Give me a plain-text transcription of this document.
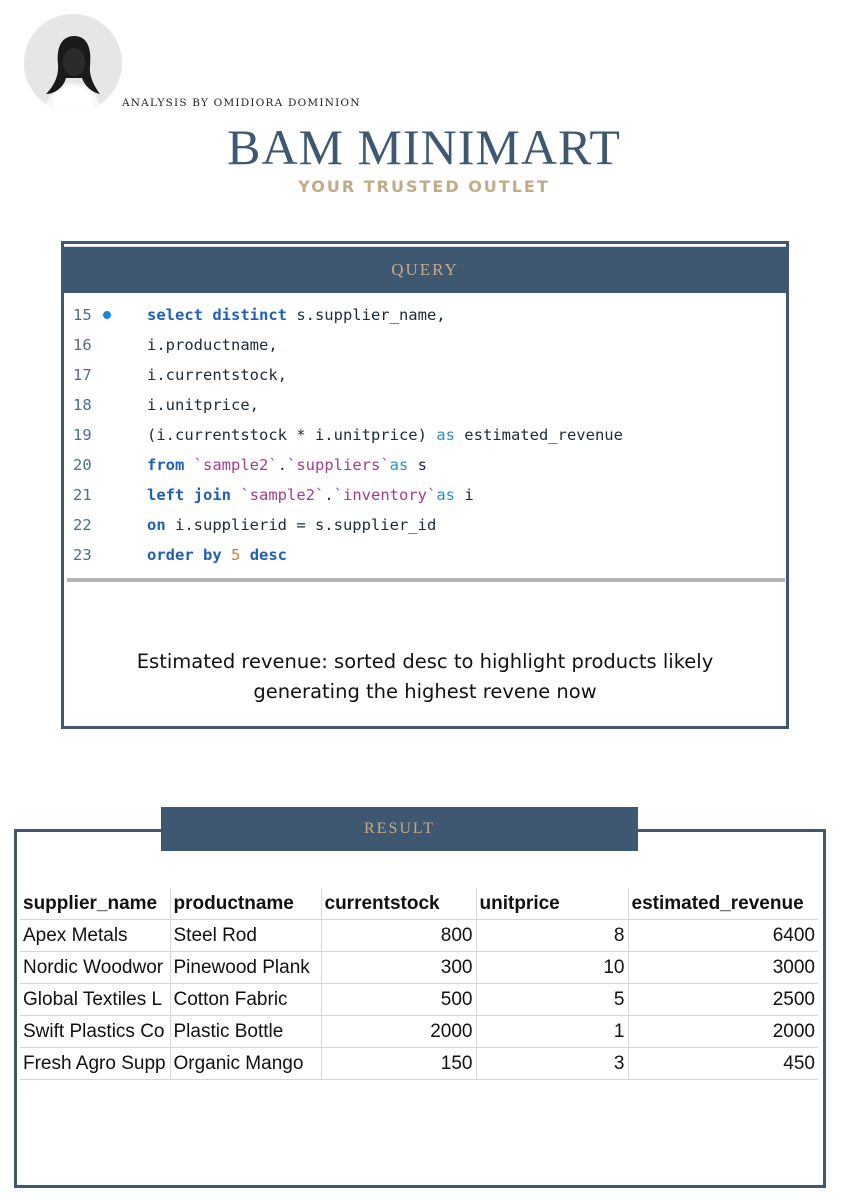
ANALYSIS BY OMIDIORA DOMINION
BAM MINIMART
YOUR TRUSTED OUTLET
QUERY
15	select distinct s.supplier_name,
16	i.productname,
17	i.currentstock,
18	i.unitprice,
19	(i.currentstock * i.unitprice) as estimated_revenue
20	from `sample2`.`suppliers`as s
21	left join `sample2`.`inventory`as i
22	on i.supplierid = s.supplier_id
23	order by 5 desc
Estimated revenue: sorted desc to highlight products likely
generating the highest revene now
RESULT
supplier_name	productname	currentstock	unitprice	estimated_revenue
Apex Metals	Steel Rod	800	8	6400
Nordic Woodwor	Pinewood Plank	300	10	3000
Global Textiles L	Cotton Fabric	500	5	2500
Swift Plastics Co	Plastic Bottle	2000	1	2000
Fresh Agro Supp	Organic Mango	150	3	450
